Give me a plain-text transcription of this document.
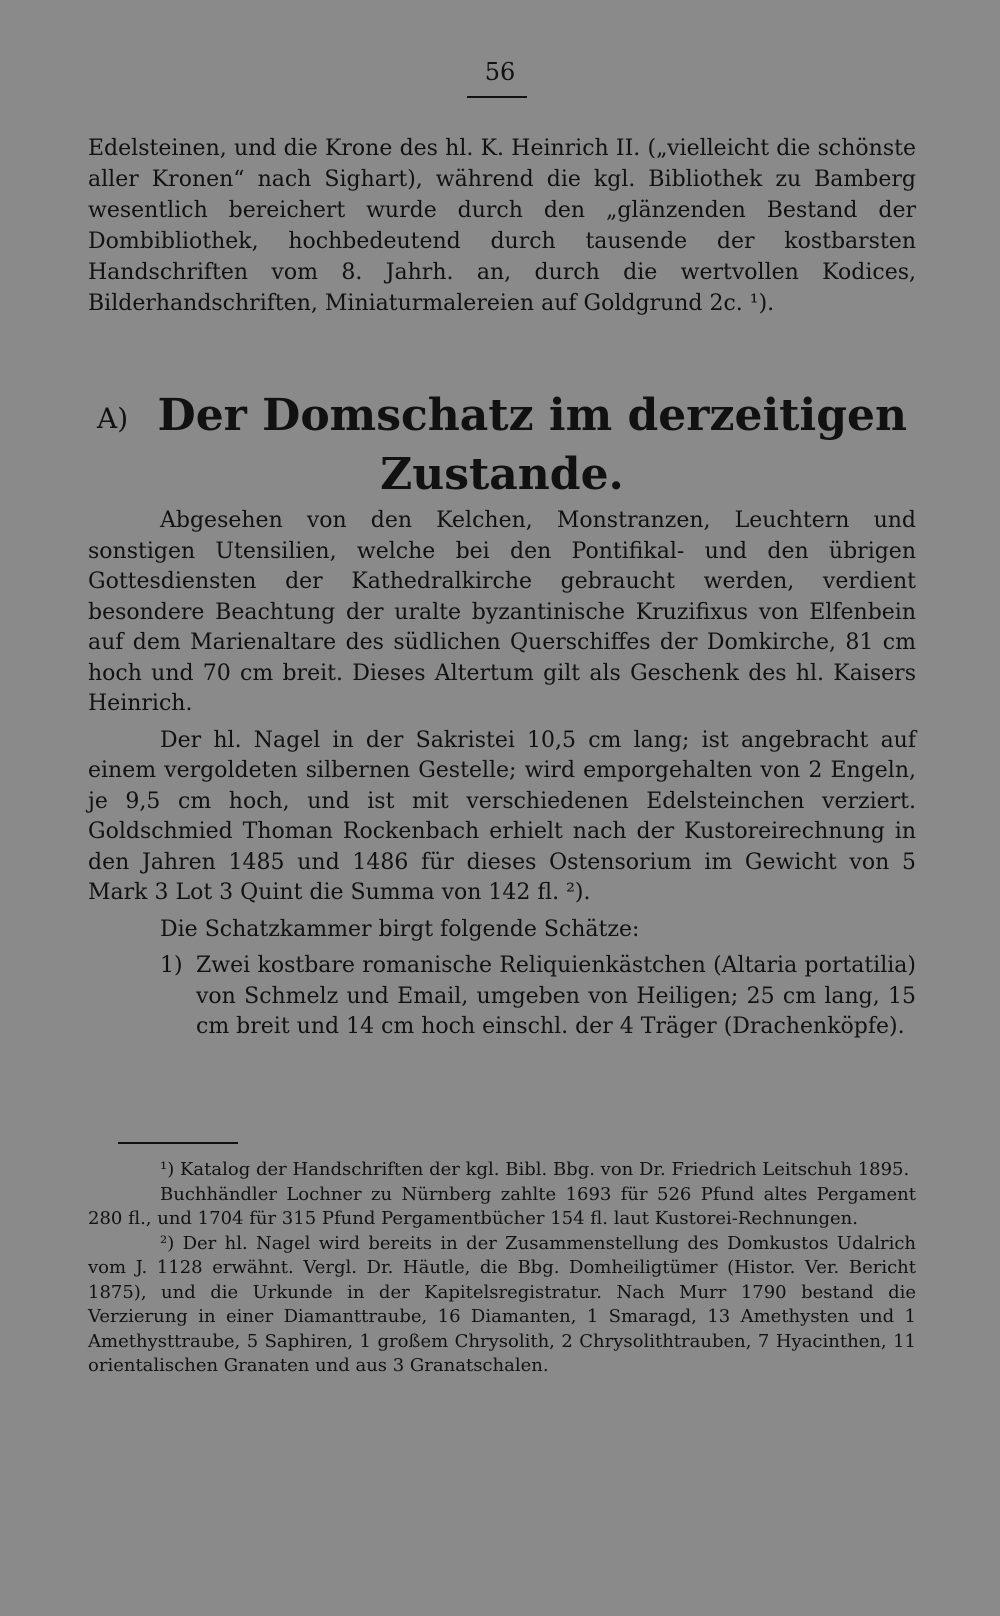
56

Edelsteinen, und die Krone des hl. K. Heinrich II. („vielleicht die schönste aller Kronen“ nach Sighart), während die kgl. Bibliothek zu Bamberg wesentlich bereichert wurde durch den „glänzenden Bestand der Dombibliothek, hochbedeutend durch tausende der kostbarsten Handschriften vom 8. Jahrh. an, durch die wertvollen Kodices, Bilderhandschriften, Miniaturmalereien auf Goldgrund 2c. ¹).

A) Der Domschatz im derzeitigen Zustande.

Abgesehen von den Kelchen, Monstranzen, Leuchtern und sonstigen Utensilien, welche bei den Pontifikal- und den übrigen Gottesdiensten der Kathedralkirche gebraucht werden, verdient besondere Beachtung der uralte byzantinische Kruzifixus von Elfenbein auf dem Marienaltare des südlichen Querschiffes der Domkirche, 81 cm hoch und 70 cm breit. Dieses Altertum gilt als Geschenk des hl. Kaisers Heinrich.

Der hl. Nagel in der Sakristei 10,5 cm lang; ist angebracht auf einem vergoldeten silbernen Gestelle; wird emporgehalten von 2 Engeln, je 9,5 cm hoch, und ist mit verschiedenen Edelsteinchen verziert. Goldschmied Thoman Rockenbach erhielt nach der Kustoreirechnung in den Jahren 1485 und 1486 für dieses Ostensorium im Gewicht von 5 Mark 3 Lot 3 Quint die Summa von 142 fl. ²).

Die Schatzkammer birgt folgende Schätze:

1) Zwei kostbare romanische Reliquienkästchen (Altaria portatilia) von Schmelz und Email, umgeben von Heiligen; 25 cm lang, 15 cm breit und 14 cm hoch einschl. der 4 Träger (Drachenköpfe).

¹) Katalog der Handschriften der kgl. Bibl. Bbg. von Dr. Friedrich Leitschuh 1895.

Buchhändler Lochner zu Nürnberg zahlte 1693 für 526 Pfund altes Pergament 280 fl., und 1704 für 315 Pfund Pergamentbücher 154 fl. laut Kustorei-Rechnungen.

²) Der hl. Nagel wird bereits in der Zusammenstellung des Domkustos Udalrich vom J. 1128 erwähnt. Vergl. Dr. Häutle, die Bbg. Domheiligtümer (Histor. Ver. Bericht 1875), und die Urkunde in der Kapitelsregistratur. Nach Murr 1790 bestand die Verzierung in einer Diamanttraube, 16 Diamanten, 1 Smaragd, 13 Amethysten und 1 Amethysttraube, 5 Saphiren, 1 großem Chrysolith, 2 Chrysolithtrauben, 7 Hyacinthen, 11 orientalischen Granaten und aus 3 Granatschalen.
